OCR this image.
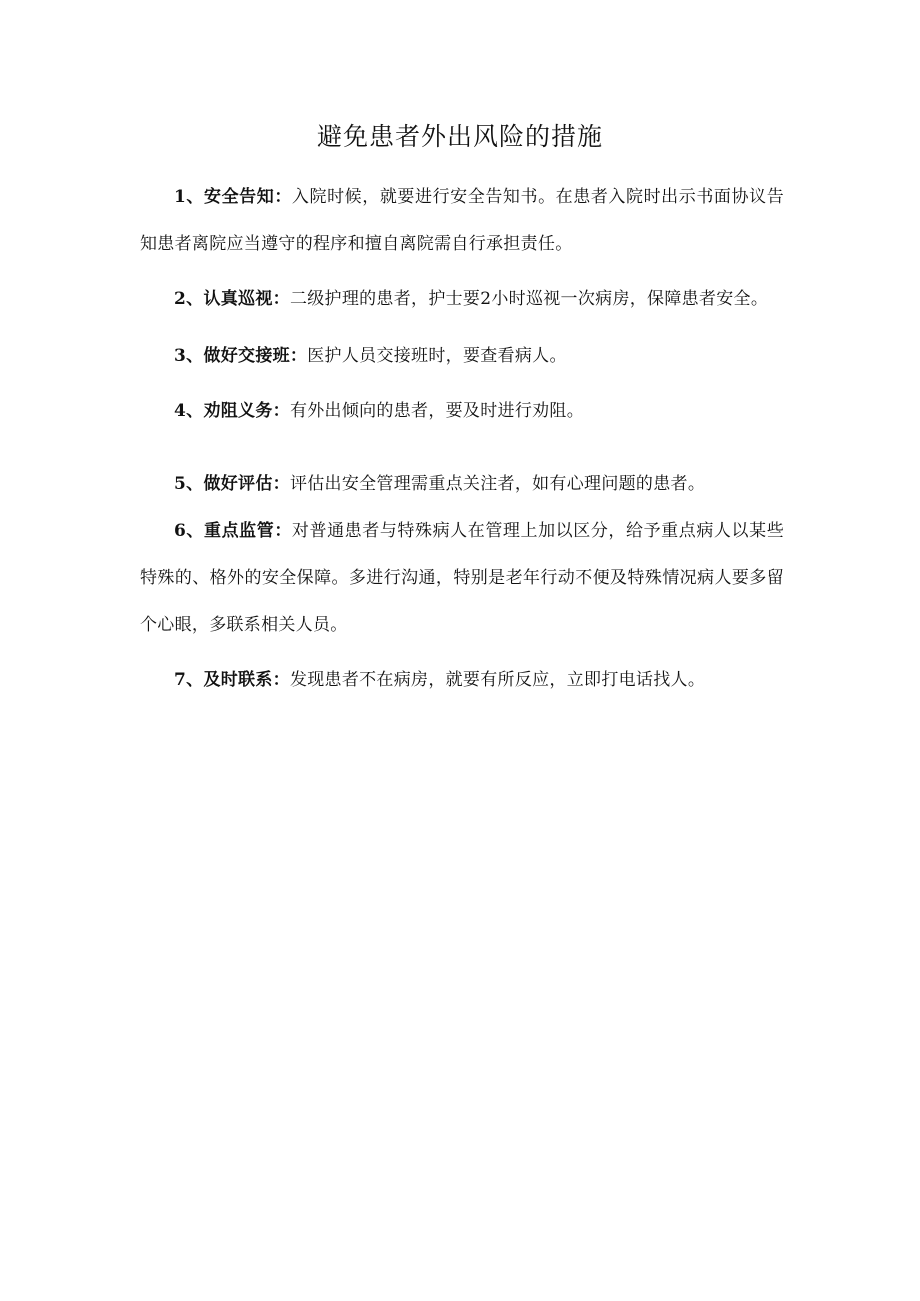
避免患者外出风险的措施

1、安全告知：入院时候，就要进行安全告知书。在患者入院时出示书面协议告知患者离院应当遵守的程序和擅自离院需自行承担责任。

2、认真巡视：二级护理的患者，护士要2小时巡视一次病房，保障患者安全。

3、做好交接班：医护人员交接班时，要查看病人。

4、劝阻义务：有外出倾向的患者，要及时进行劝阻。

5、做好评估：评估出安全管理需重点关注者，如有心理问题的患者。

6、重点监管：对普通患者与特殊病人在管理上加以区分，给予重点病人以某些特殊的、格外的安全保障。多进行沟通，特别是老年行动不便及特殊情况病人要多留个心眼，多联系相关人员。

7、及时联系：发现患者不在病房，就要有所反应，立即打电话找人。
